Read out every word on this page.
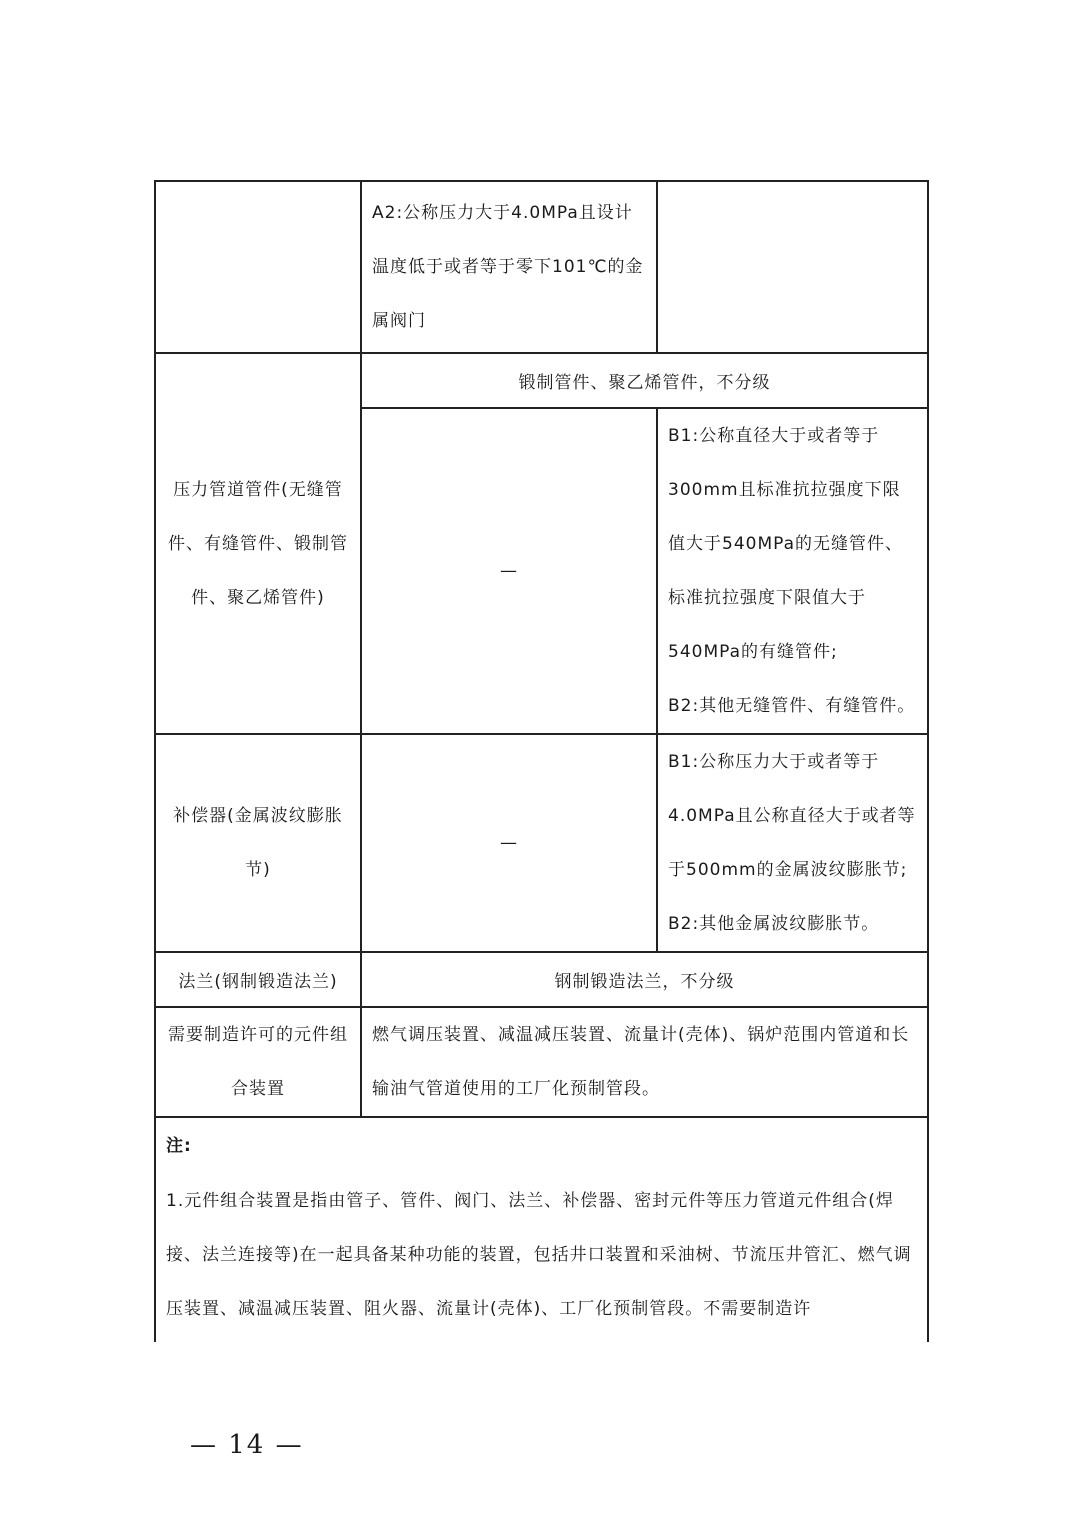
	A2:公称压力大于4.0MPa且设计温度低于或者等于零下101℃的金属阀门	
压力管道管件(无缝管件、有缝管件、锻制管件、聚乙烯管件)	锻制管件、聚乙烯管件，不分级	
	—	B1:公称直径大于或者等于300mm且标准抗拉强度下限值大于540MPa的无缝管件、标准抗拉强度下限值大于540MPa的有缝管件;
B2:其他无缝管件、有缝管件。

补偿器(金属波纹膨胀节)	—	B1:公称压力大于或者等于4.0MPa且公称直径大于或者等于500mm的金属波纹膨胀节;
B2:其他金属波纹膨胀节。

法兰(钢制锻造法兰)	钢制锻造法兰，不分级	
需要制造许可的元件组合装置	燃气调压装置、减温减压装置、流量计(壳体)、锅炉范围内管道和长输油气管道使用的工厂化预制管段。	

注:
1.元件组合装置是指由管子、管件、阀门、法兰、补偿器、密封元件等压力管道元件组合(焊接、法兰连接等)在一起具备某种功能的装置，包括井口装置和采油树、节流压井管汇、燃气调压装置、减温减压装置、阻火器、流量计(壳体)、工厂化预制管段。不需要制造许		
— 14 —
